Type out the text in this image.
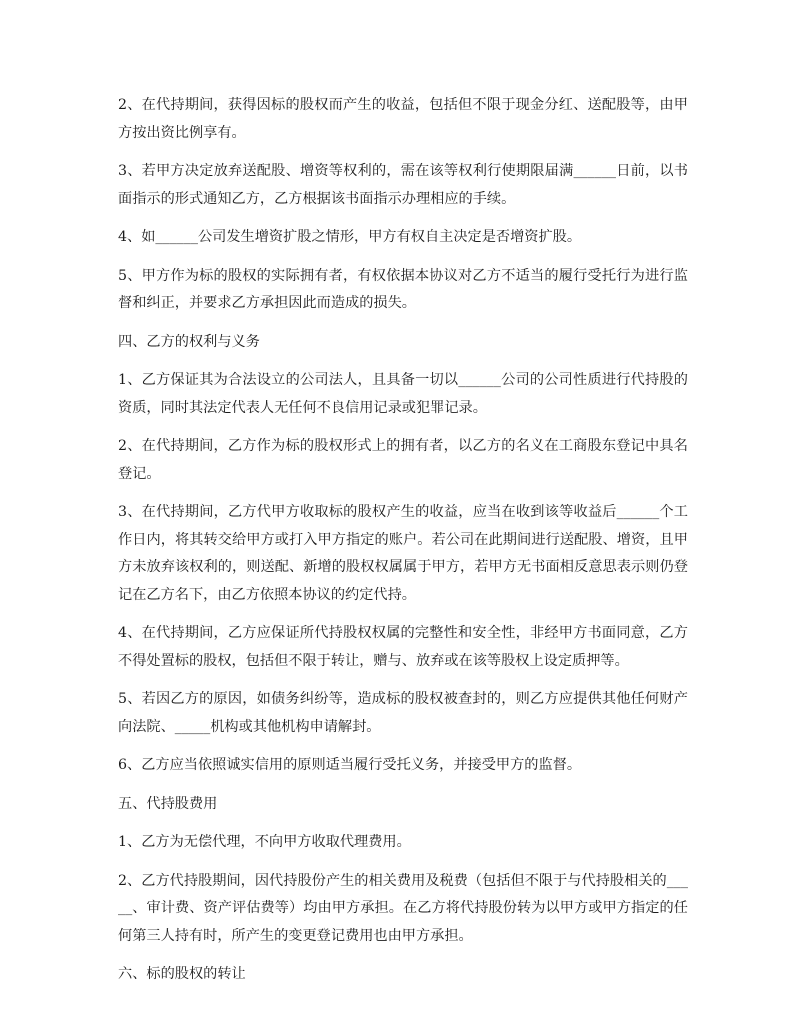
2、在代持期间，获得因标的股权而产生的收益，包括但不限于现金分红、送配股等，由甲方按出资比例享有。

3、若甲方决定放弃送配股、增资等权利的，需在该等权利行使期限届满______日前，以书面指示的形式通知乙方，乙方根据该书面指示办理相应的手续。

4、如______公司发生增资扩股之情形，甲方有权自主决定是否增资扩股。

5、甲方作为标的股权的实际拥有者，有权依据本协议对乙方不适当的履行受托行为进行监督和纠正，并要求乙方承担因此而造成的损失。

四、乙方的权利与义务

1、乙方保证其为合法设立的公司法人，且具备一切以______公司的公司性质进行代持股的资质，同时其法定代表人无任何不良信用记录或犯罪记录。

2、在代持期间，乙方作为标的股权形式上的拥有者，以乙方的名义在工商股东登记中具名登记。

3、在代持期间，乙方代甲方收取标的股权产生的收益，应当在收到该等收益后______个工作日内，将其转交给甲方或打入甲方指定的账户。若公司在此期间进行送配股、增资，且甲方未放弃该权利的，则送配、新增的股权权属属于甲方，若甲方无书面相反意思表示则仍登记在乙方名下，由乙方依照本协议的约定代持。

4、在代持期间，乙方应保证所代持股权权属的完整性和安全性，非经甲方书面同意，乙方不得处置标的股权，包括但不限于转让，赠与、放弃或在该等股权上设定质押等。

5、若因乙方的原因，如债务纠纷等，造成标的股权被查封的，则乙方应提供其他任何财产向法院、_____机构或其他机构申请解封。

6、乙方应当依照诚实信用的原则适当履行受托义务，并接受甲方的监督。

五、代持股费用

1、乙方为无偿代理，不向甲方收取代理费用。

2、乙方代持股期间，因代持股份产生的相关费用及税费（包括但不限于与代持股相关的_____、审计费、资产评估费等）均由甲方承担。在乙方将代持股份转为以甲方或甲方指定的任何第三人持有时，所产生的变更登记费用也由甲方承担。

六、标的股权的转让
